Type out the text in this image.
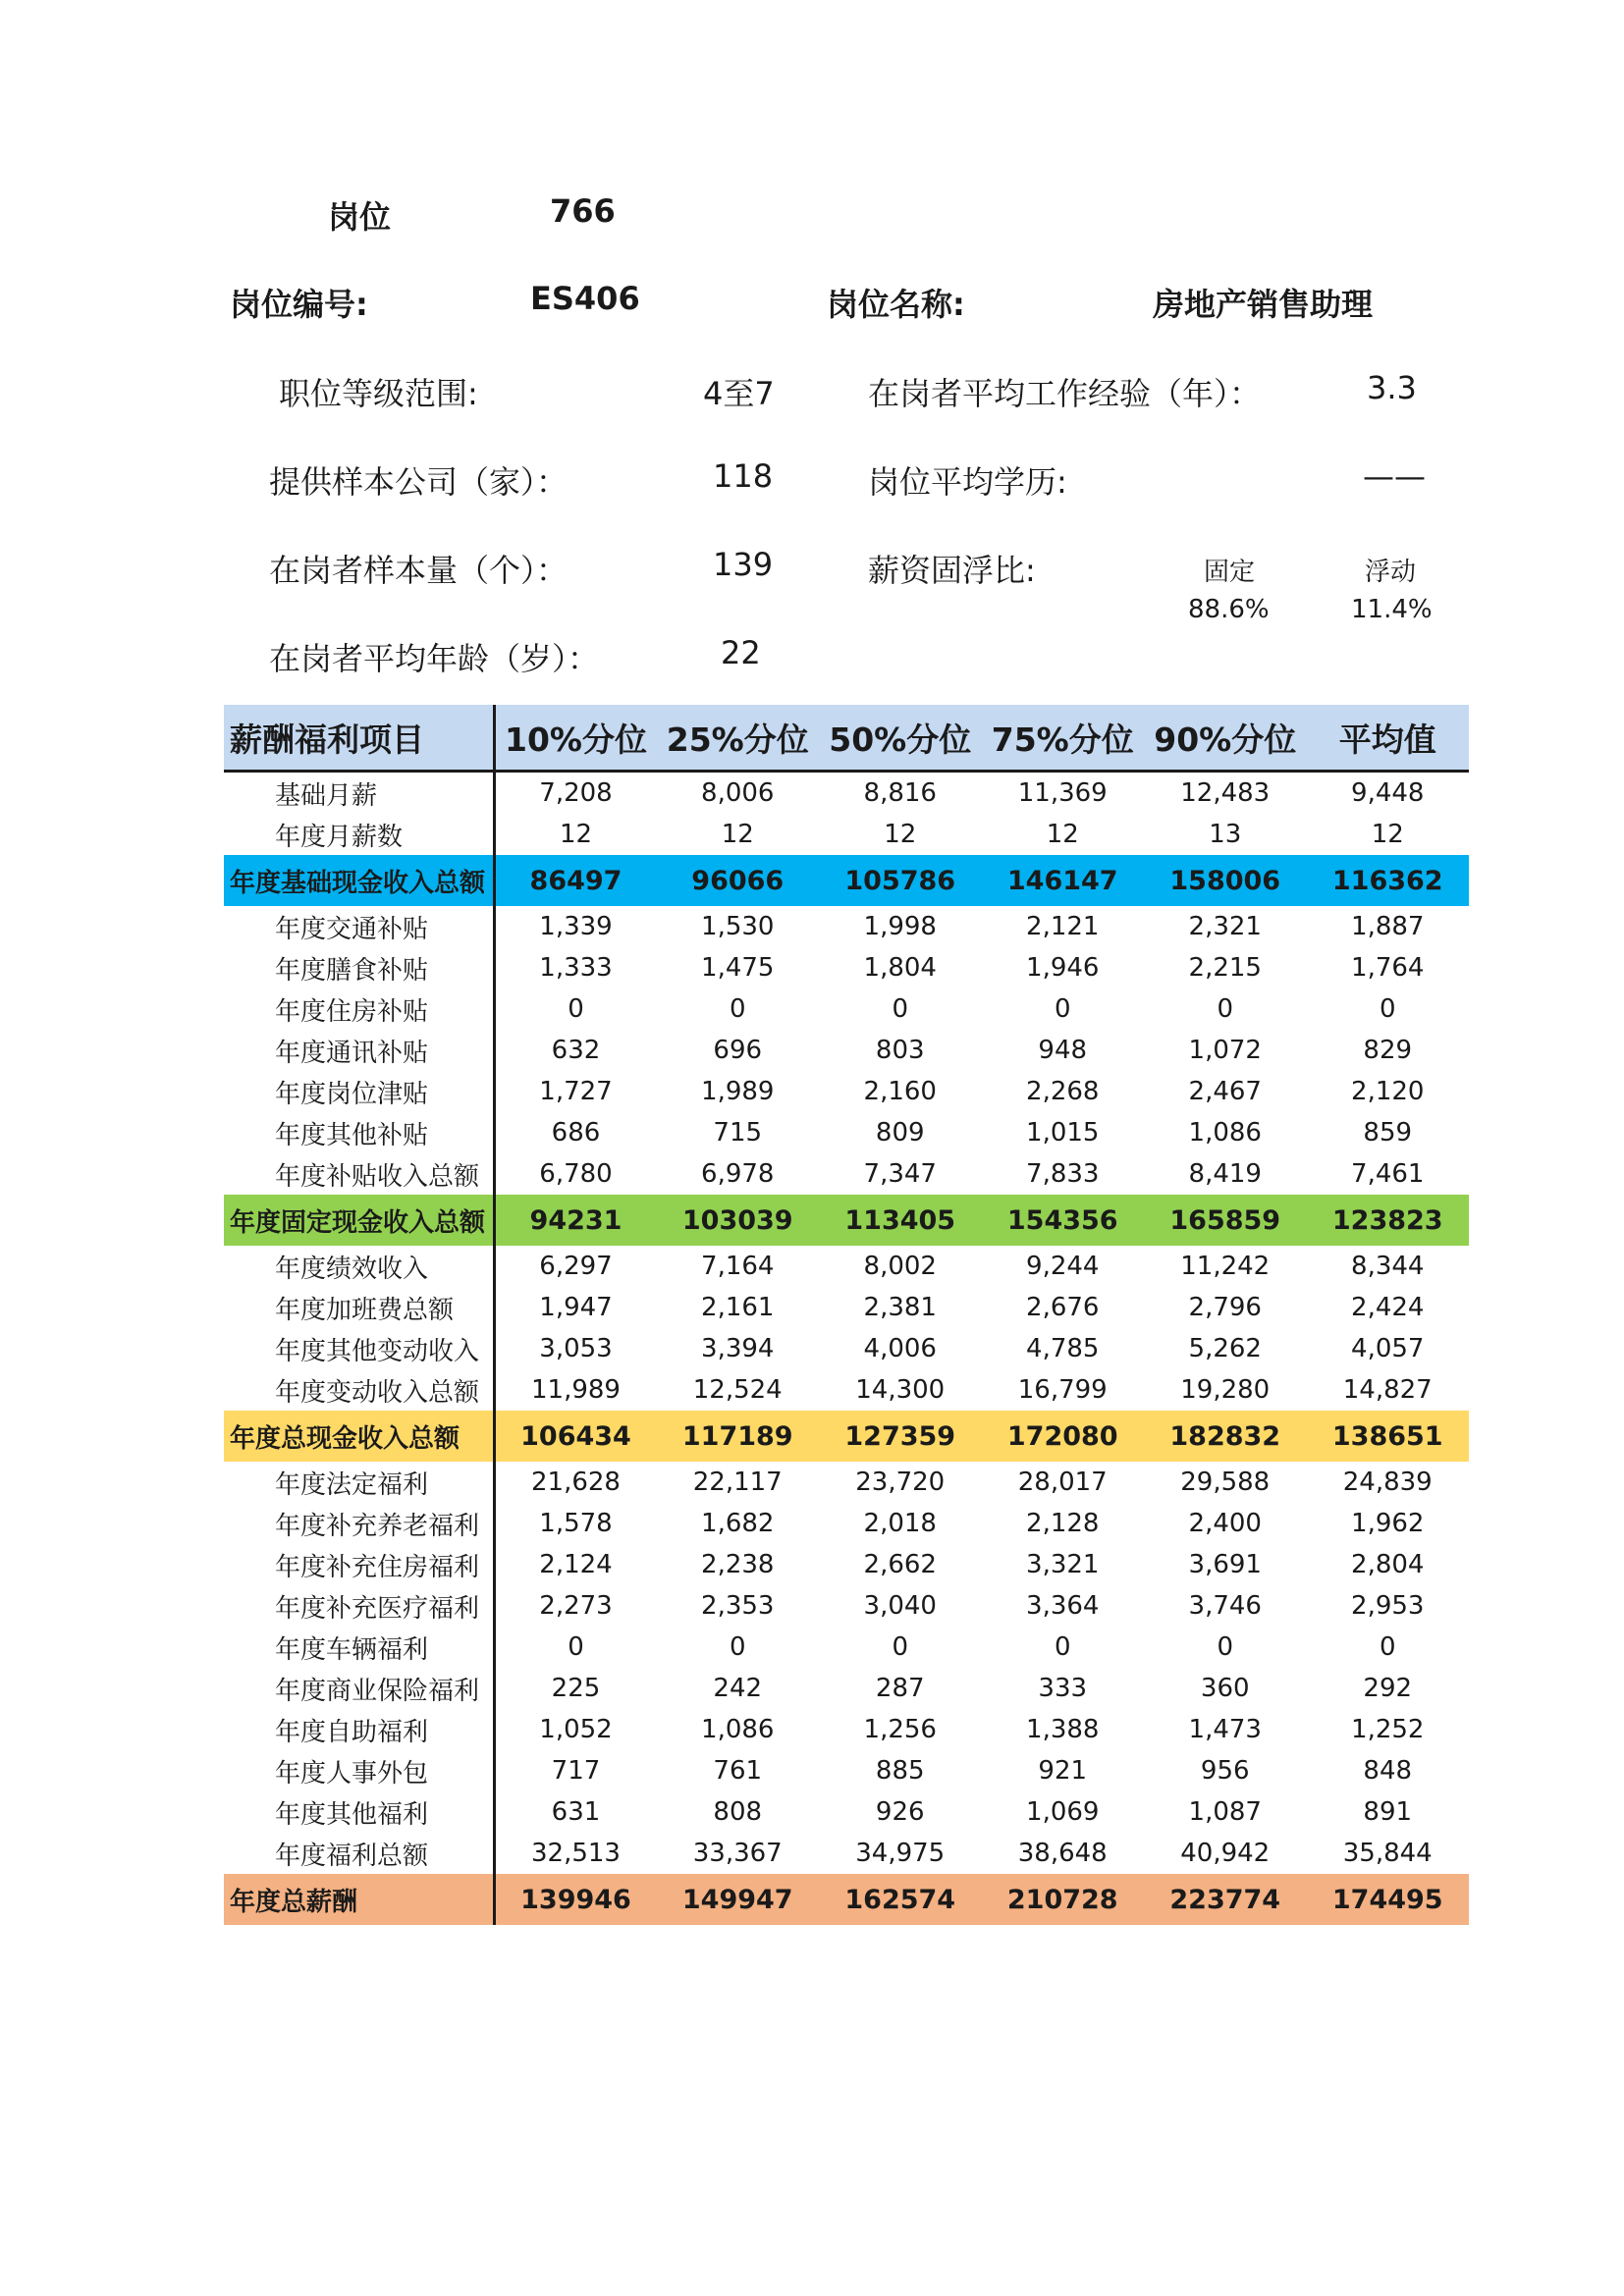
岗位	766
岗位编号:	ES406	岗位名称:	房地产销售助理
职位等级范围:	4至7	在岗者平均工作经验（年）：	3.3
提供样本公司（家）：	118	岗位平均学历:	——
在岗者样本量（个）：	139	薪资固浮比:	固定	浮动
88.6%	11.4%
在岗者平均年龄（岁）：	22
薪酬福利项目	10%分位	25%分位	50%分位	75%分位	90%分位	平均值
基础月薪	7,208	8,006	8,816	11,369	12,483	9,448
年度月薪数	12	12	12	12	13	12
年度基础现金收入总额	86497	96066	105786	146147	158006	116362
年度交通补贴	1,339	1,530	1,998	2,121	2,321	1,887
年度膳食补贴	1,333	1,475	1,804	1,946	2,215	1,764
年度住房补贴	0	0	0	0	0	0
年度通讯补贴	632	696	803	948	1,072	829
年度岗位津贴	1,727	1,989	2,160	2,268	2,467	2,120
年度其他补贴	686	715	809	1,015	1,086	859
年度补贴收入总额	6,780	6,978	7,347	7,833	8,419	7,461
年度固定现金收入总额	94231	103039	113405	154356	165859	123823
年度绩效收入	6,297	7,164	8,002	9,244	11,242	8,344
年度加班费总额	1,947	2,161	2,381	2,676	2,796	2,424
年度其他变动收入	3,053	3,394	4,006	4,785	5,262	4,057
年度变动收入总额	11,989	12,524	14,300	16,799	19,280	14,827
年度总现金收入总额	106434	117189	127359	172080	182832	138651
年度法定福利	21,628	22,117	23,720	28,017	29,588	24,839
年度补充养老福利	1,578	1,682	2,018	2,128	2,400	1,962
年度补充住房福利	2,124	2,238	2,662	3,321	3,691	2,804
年度补充医疗福利	2,273	2,353	3,040	3,364	3,746	2,953
年度车辆福利	0	0	0	0	0	0
年度商业保险福利	225	242	287	333	360	292
年度自助福利	1,052	1,086	1,256	1,388	1,473	1,252
年度人事外包	717	761	885	921	956	848
年度其他福利	631	808	926	1,069	1,087	891
年度福利总额	32,513	33,367	34,975	38,648	40,942	35,844
年度总薪酬	139946	149947	162574	210728	223774	174495
